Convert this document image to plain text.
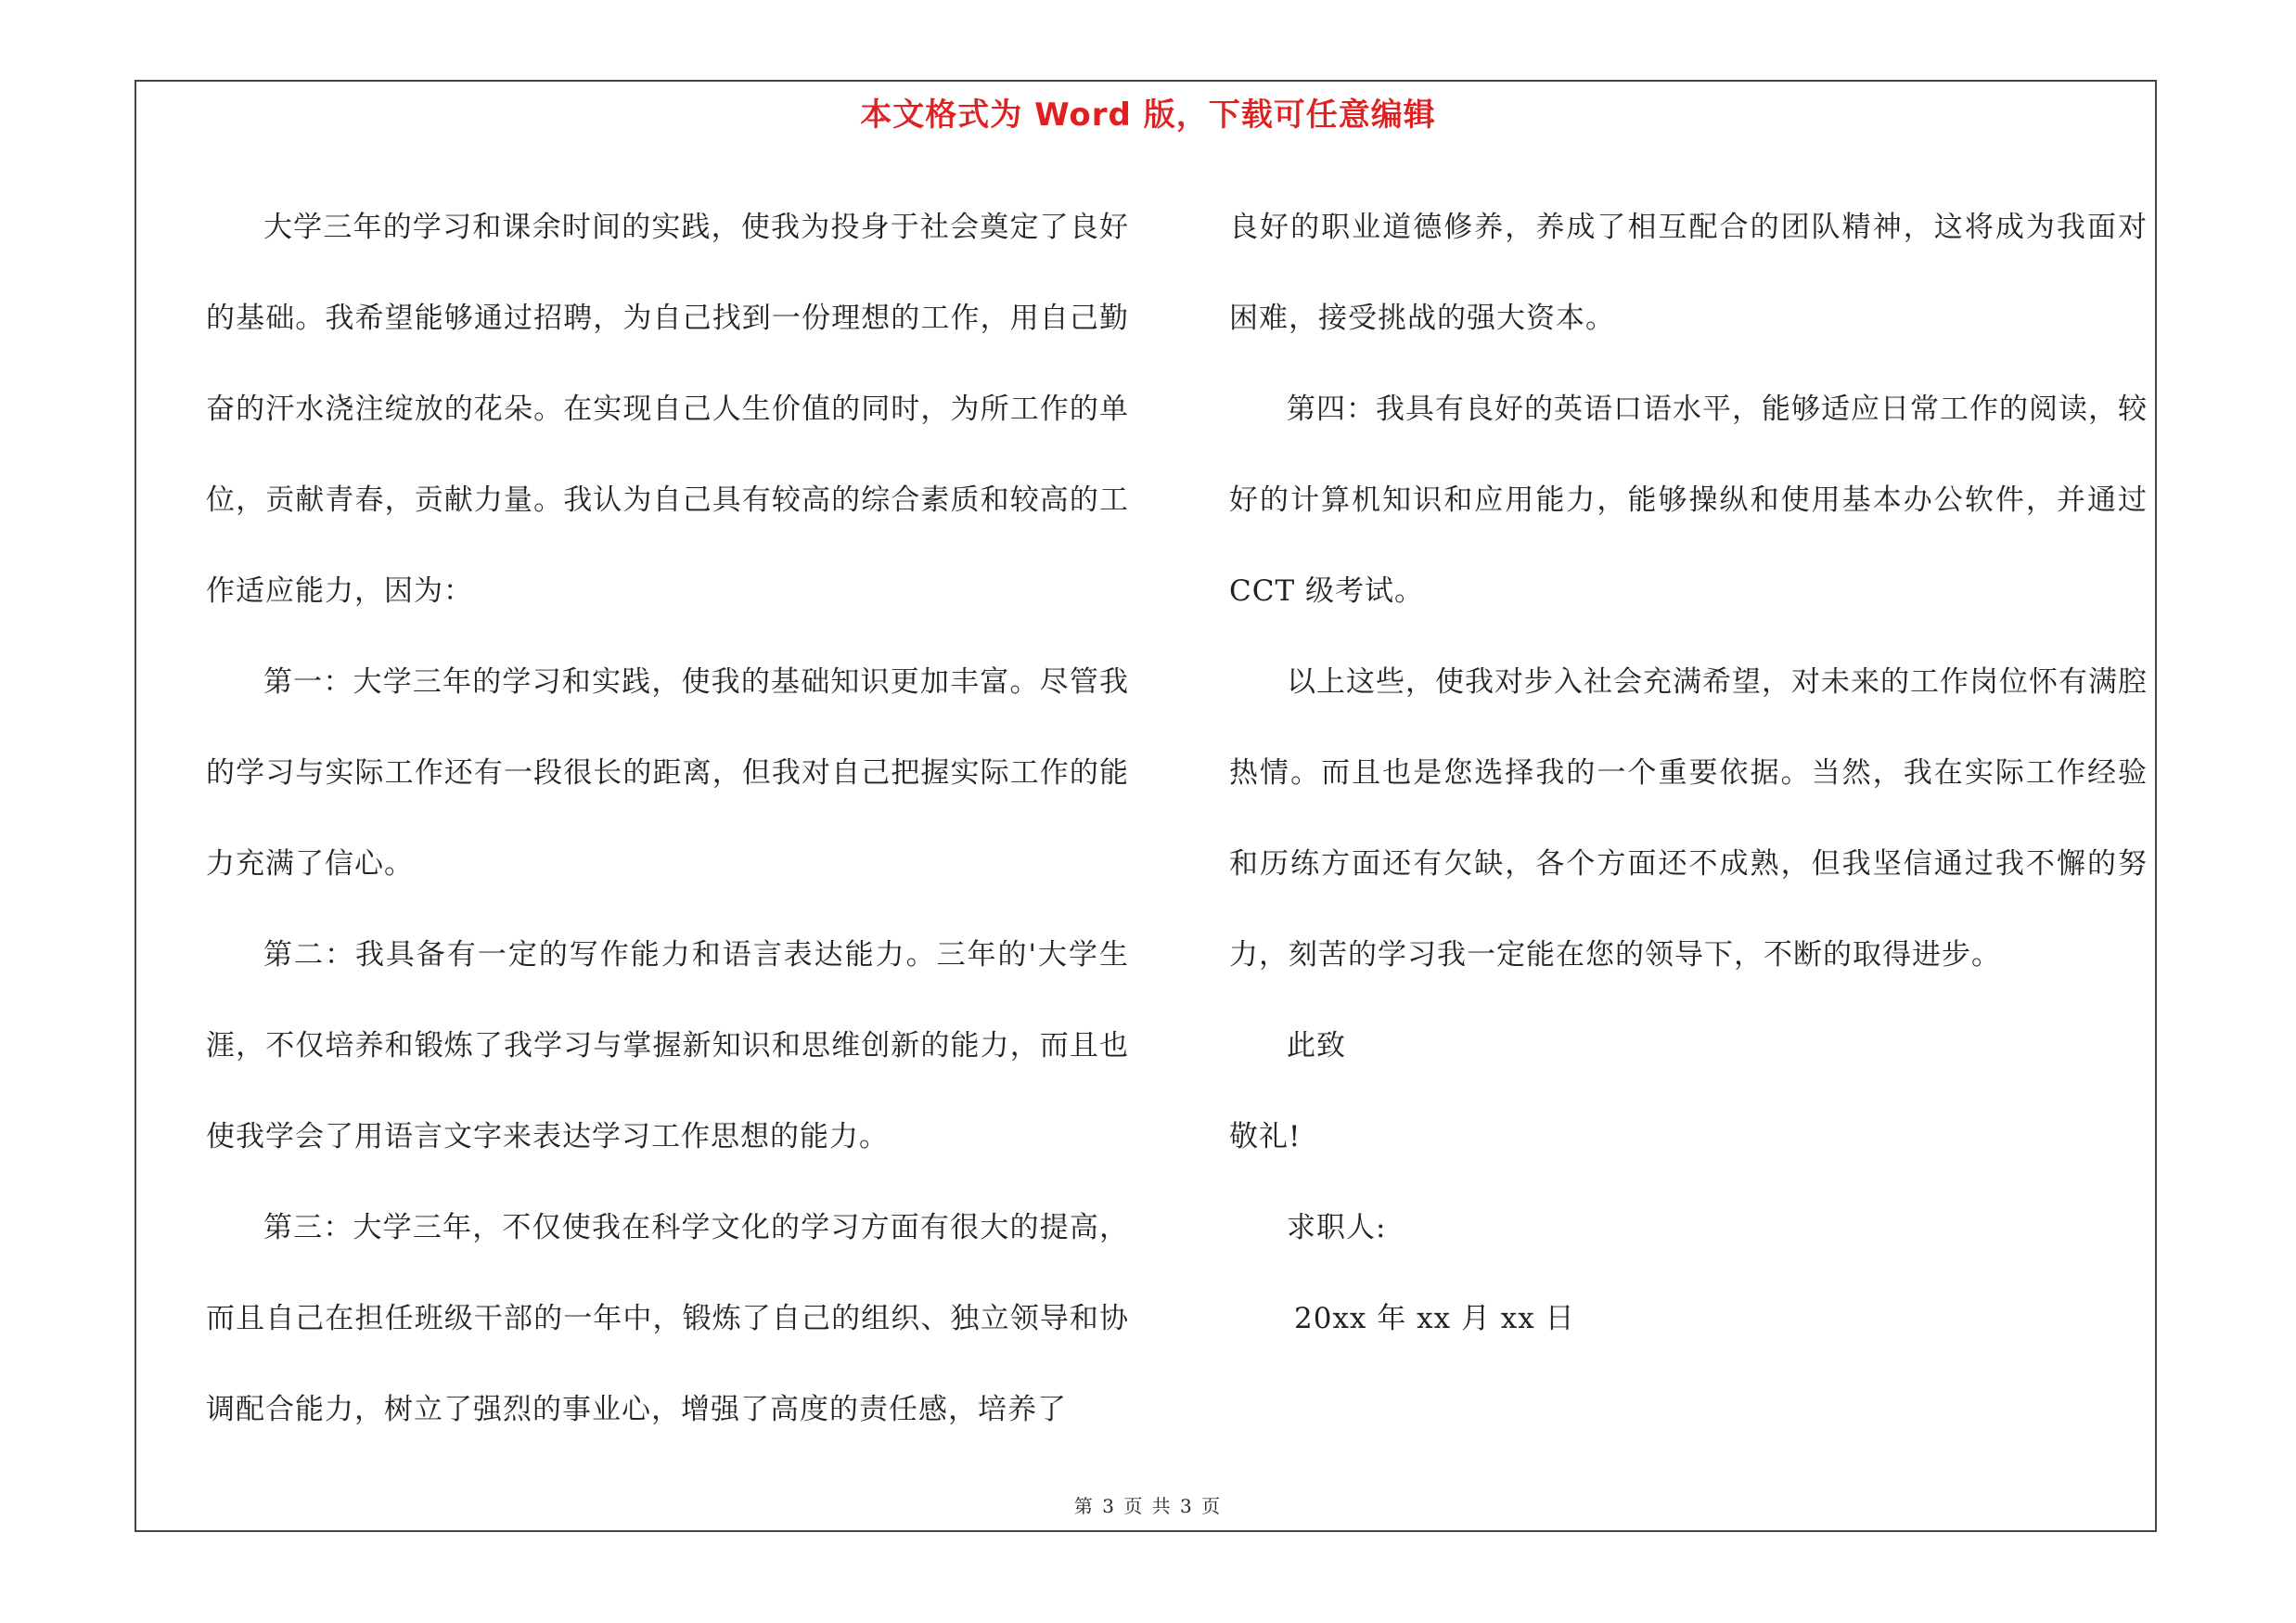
本文格式为 Word 版，下载可任意编辑

大学三年的学习和课余时间的实践，使我为投身于社会奠定了良好的基础。我希望能够通过招聘，为自己找到一份理想的工作，用自己勤奋的汗水浇注绽放的花朵。在实现自己人生价值的同时，为所工作的单位，贡献青春，贡献力量。我认为自己具有较高的综合素质和较高的工作适应能力，因为：

第一：大学三年的学习和实践，使我的基础知识更加丰富。尽管我的学习与实际工作还有一段很长的距离，但我对自己把握实际工作的能力充满了信心。

第二：我具备有一定的写作能力和语言表达能力。三年的'大学生涯，不仅培养和锻炼了我学习与掌握新知识和思维创新的能力，而且也使我学会了用语言文字来表达学习工作思想的能力。

第三：大学三年，不仅使我在科学文化的学习方面有很大的提高，而且自己在担任班级干部的一年中，锻炼了自己的组织、独立领导和协调配合能力，树立了强烈的事业心，增强了高度的责任感，培养了

良好的职业道德修养，养成了相互配合的团队精神，这将成为我面对困难，接受挑战的强大资本。

第四：我具有良好的英语口语水平，能够适应日常工作的阅读，较好的计算机知识和应用能力，能够操纵和使用基本办公软件，并通过 CCT 级考试。

以上这些，使我对步入社会充满希望，对未来的工作岗位怀有满腔热情。而且也是您选择我的一个重要依据。当然，我在实际工作经验和历练方面还有欠缺，各个方面还不成熟，但我坚信通过我不懈的努力，刻苦的学习我一定能在您的领导下，不断的取得进步。

此致

敬礼!

求职人:

20xx 年 xx 月 xx 日

第 3 页 共 3 页
